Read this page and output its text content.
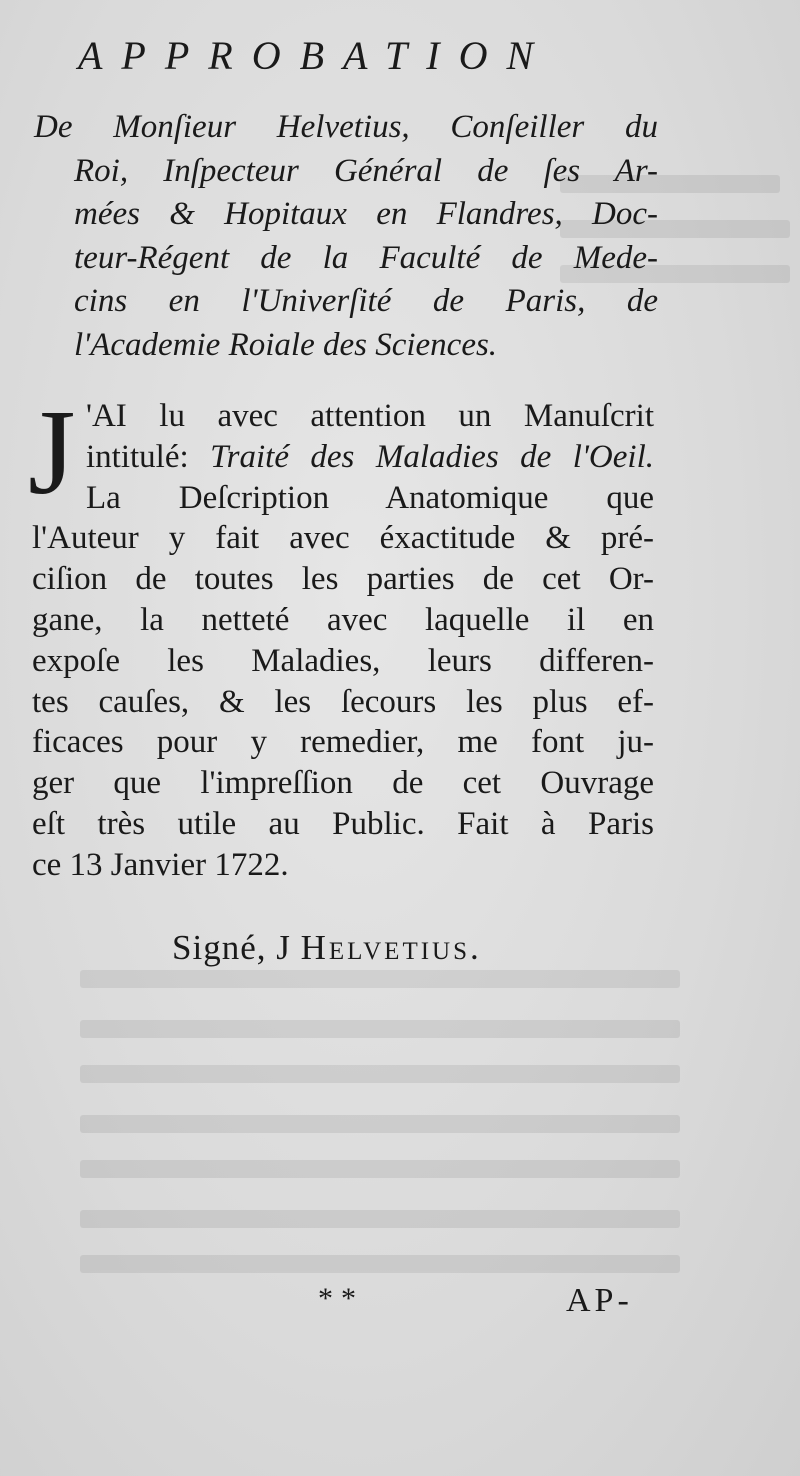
APPROBATION
De Monſieur Helvetius, Conſeiller du
Roi, Inſpecteur Général de ſes Ar-
mées & Hopitaux en Flandres, Doc-
teur-Régent de la Faculté de Mede-
cins en l'Univerſité de Paris, de
l'Academie Roiale des Sciences.
J 'AI lu avec attention un Manuſcrit
intitulé: Traité des Maladies de l'Oeil.
La Deſcription Anatomique que
l'Auteur y fait avec éxactitude & pré-
ciſion de toutes les parties de cet Or-
gane, la netteté avec laquelle il en
expoſe les Maladies, leurs differen-
tes cauſes, & les ſecours les plus ef-
ficaces pour y remedier, me font ju-
ger que l'impreſſion de cet Ouvrage
eſt très utile au Public. Fait à Paris
ce 13 Janvier 1722.
Signé, J Helvetius.
**	AP-
